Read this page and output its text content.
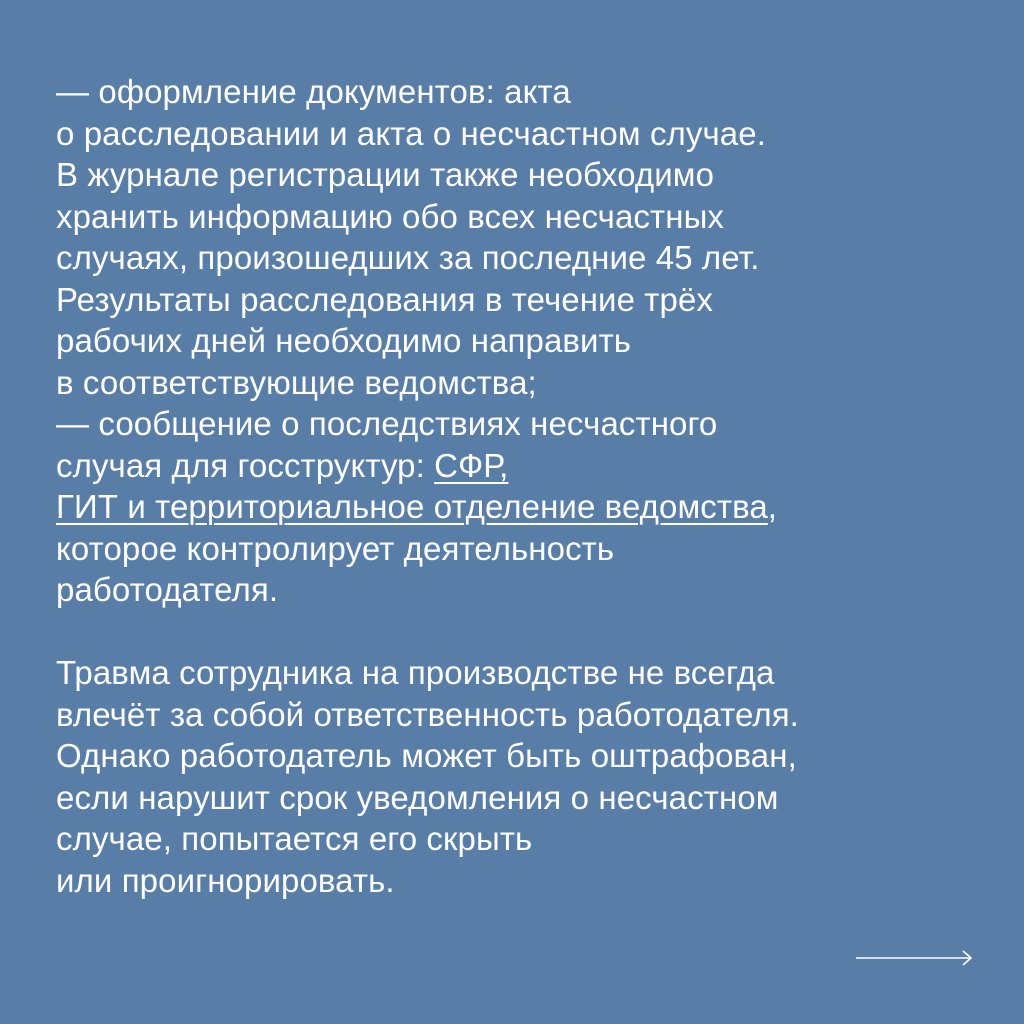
— оформление документов: акта
о расследовании и акта о несчастном случае.
В журнале регистрации также необходимо
хранить информацию обо всех несчастных
случаях, произошедших за последние 45 лет.
Результаты расследования в течение трёх
рабочих дней необходимо направить
в соответствующие ведомства;
— сообщение о последствиях несчастного
случая для госструктур: СФР,
ГИТ и территориальное отделение ведомства,
которое контролирует деятельность
работодателя.
Травма сотрудника на производстве не всегда
влечёт за собой ответственность работодателя.
Однако работодатель может быть оштрафован,
если нарушит срок уведомления о несчастном
случае, попытается его скрыть
или проигнорировать.
